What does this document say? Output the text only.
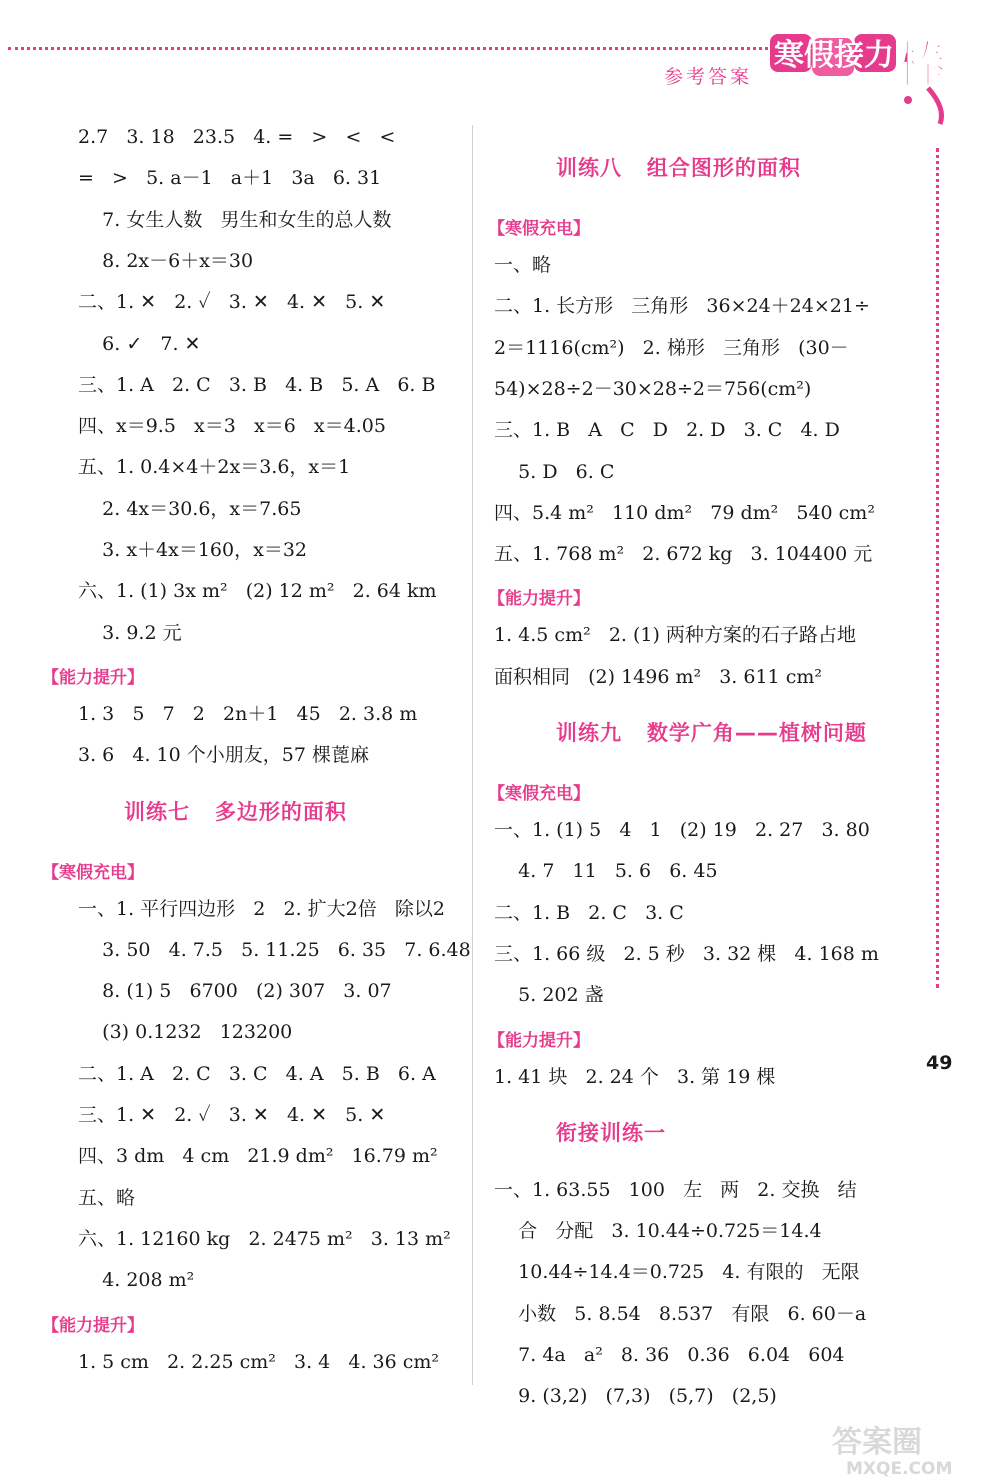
参考答案
寒假接力 棒
49
答案圈
MXQE.COM
2.7   3. 18   23.5   4. =   >   <   <
=   >   5. a－1   a＋1   3a   6. 31
7. 女生人数   男生和女生的总人数
8. 2x－6＋x＝30
二、1. ✕   2. ✓   3. ✕   4. ✕   5. ✕
6. ✓   7. ✕
三、1. A   2. C   3. B   4. B   5. A   6. B
四、x＝9.5   x＝3   x＝6   x＝4.05
五、1. 0.4×4＋2x＝3.6，x＝1
2. 4x＝30.6，x＝7.65
3. x＋4x＝160，x＝32
六、1. (1) 3x m²   (2) 12 m²   2. 64 km
3. 9.2 元
【能力提升】
1. 3   5   7   2   2n＋1   45   2. 3.8 m
3. 6   4. 10 个小朋友，57 棵蓖麻
训练七   多边形的面积
【寒假充电】
一、1. 平行四边形   2   2. 扩大2倍   除以2
3. 50   4. 7.5   5. 11.25   6. 35   7. 6.48
8. (1) 5   6700   (2) 307   3. 07
(3) 0.1232   123200
二、1. A   2. C   3. C   4. A   5. B   6. A
三、1. ✕   2. ✓   3. ✕   4. ✕   5. ✕
四、3 dm   4 cm   21.9 dm²   16.79 m²
五、略
六、1. 12160 kg   2. 2475 m²   3. 13 m²
4. 208 m²
【能力提升】
1. 5 cm   2. 2.25 cm²   3. 4   4. 36 cm²
训练八   组合图形的面积
【寒假充电】
一、略
二、1. 长方形   三角形   36×24＋24×21÷
2＝1116(cm²)   2. 梯形   三角形   (30－
54)×28÷2－30×28÷2＝756(cm²)
三、1. B   A   C   D   2. D   3. C   4. D
5. D   6. C
四、5.4 m²   110 dm²   79 dm²   540 cm²
五、1. 768 m²   2. 672 kg   3. 104400 元
【能力提升】
1. 4.5 cm²   2. (1) 两种方案的石子路占地
面积相同   (2) 1496 m²   3. 611 cm²
训练九   数学广角——植树问题
【寒假充电】
一、1. (1) 5   4   1   (2) 19   2. 27   3. 80
4. 7   11   5. 6   6. 45
二、1. B   2. C   3. C
三、1. 66 级   2. 5 秒   3. 32 棵   4. 168 m
5. 202 盏
【能力提升】
1. 41 块   2. 24 个   3. 第 19 棵
衔接训练一
一、1. 63.55   100   左   两   2. 交换   结
合   分配   3. 10.44÷0.725＝14.4
10.44÷14.4＝0.725   4. 有限的   无限
小数   5. 8.54   8.537   有限   6. 60－a
7. 4a   a²   8. 36   0.36   6.04   604
9. (3,2)   (7,3)   (5,7)   (2,5)
